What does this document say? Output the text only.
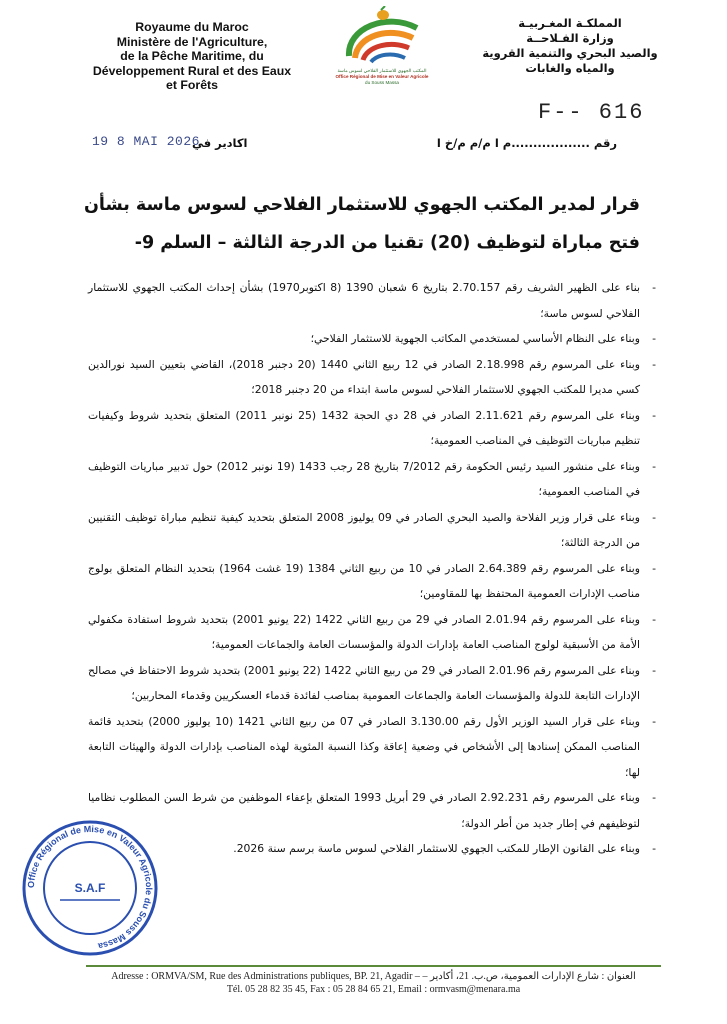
Royaume du Maroc
Ministère de l'Agriculture,
de la Pêche Maritime, du
Développement Rural et des Eaux
et Forêts
المكتب الجهوي للاستثمار الفلاحي لسوس ماسة
Office Régional de Mise en Valeur Agricole
du Souss Massa
المملكـة المغـربيـة
وزارة الفـلاحــة
والصيد البحري والتنمية القروية
والمياه والغابات
F-- 616
رقم ..................م ا م/م م/خ ا
اكادير في
19 8 MAI 2026
قرار لمدير المكتب الجهوي للاستثمار الفلاحي لسوس ماسة بشأن فتح مباراة لتوظيف (20) تقنيا من الدرجة الثالثة – السلم 9-
- بناء على الظهير الشريف رقم 2.70.157 بتاريخ 6 شعبان 1390 (8 اكتوبر1970) بشأن إحداث المكتب الجهوي للاستثمار الفلاحي لسوس ماسة؛
- وبناء على النظام الأساسي لمستخدمي المكاتب الجهوية للاستثمار الفلاحي؛
- وبناء على المرسوم رقم 2.18.998 الصادر في 12 ربيع الثاني 1440 (20 دجنبر 2018)، القاضي بتعيين السيد نورالدين كسي مديرا للمكتب الجهوي للاستثمار الفلاحي لسوس ماسة ابتداء من 20 دجنبر 2018؛
- وبناء على المرسوم رقم 2.11.621 الصادر في 28 دي الحجة 1432 (25 نونبر 2011) المتعلق بتحديد شروط وكيفيات تنظيم مباريات التوظيف في المناصب العمومية؛
- وبناء على منشور السيد رئيس الحكومة رقم 7/2012 بتاريخ 28 رجب 1433 (19 نونبر 2012) حول تدبير مباريات التوظيف في المناصب العمومية؛
- وبناء على قرار وزير الفلاحة والصيد البحري الصادر في 09 يوليوز 2008 المتعلق بتحديد كيفية تنظيم مباراة توظيف التقنيين من الدرجة الثالثة؛
- وبناء على المرسوم رقم 2.64.389 الصادر في 10 من ربيع الثاني 1384 (19 غشت 1964) بتحديد النظام المتعلق بولوج مناصب الإدارات العمومية المحتفظ بها للمقاومين؛
- وبناء على المرسوم رقم 2.01.94 الصادر في 29 من ربيع الثاني 1422 (22 يونيو 2001) بتحديد شروط استفادة مكفولي الأمة من الأسبقية لولوج المناصب العامة بإدارات الدولة والمؤسسات العامة والجماعات العمومية؛
- وبناء على المرسوم رقم 2.01.96 الصادر في 29 من ربيع الثاني 1422 (22 يونيو 2001) بتحديد شروط الاحتفاظ في مصالح الإدارات التابعة للدولة والمؤسسات العامة والجماعات العمومية بمناصب لفائدة قدماء العسكريين وقدماء المحاربين؛
- وبناء على قرار السيد الوزير الأول رقم 3.130.00 الصادر في 07 من ربيع الثاني 1421 (10 يوليوز 2000) بتحديد قائمة المناصب الممكن إسنادها إلى الأشخاص في وضعية إعاقة وكذا النسبة المئوية لهذه المناصب بإدارات الدولة والهيئات التابعة لها؛
- وبناء على المرسوم رقم 2.92.231 الصادر في 29 أبريل 1993 المتعلق بإعفاء الموظفين من شرط السن المطلوب نظاميا لتوظيفهم في إطار جديد من أطر الدولة؛
- وبناء على القانون الإطار للمكتب الجهوي للاستثمار الفلاحي لسوس ماسة برسم سنة 2026.
Office Régional de Mise en Valeur Agricole du Souss Massa
S.A.F
Adresse : ORMVA/SM, Rue des Administrations publiques, BP. 21, Agadir – العنوان : شارع الإدارات العمومية، ص.ب. 21، أكادير –
Tél. 05 28 82 35 45, Fax : 05 28 84 65 21, Email : ormvasm@menara.ma
